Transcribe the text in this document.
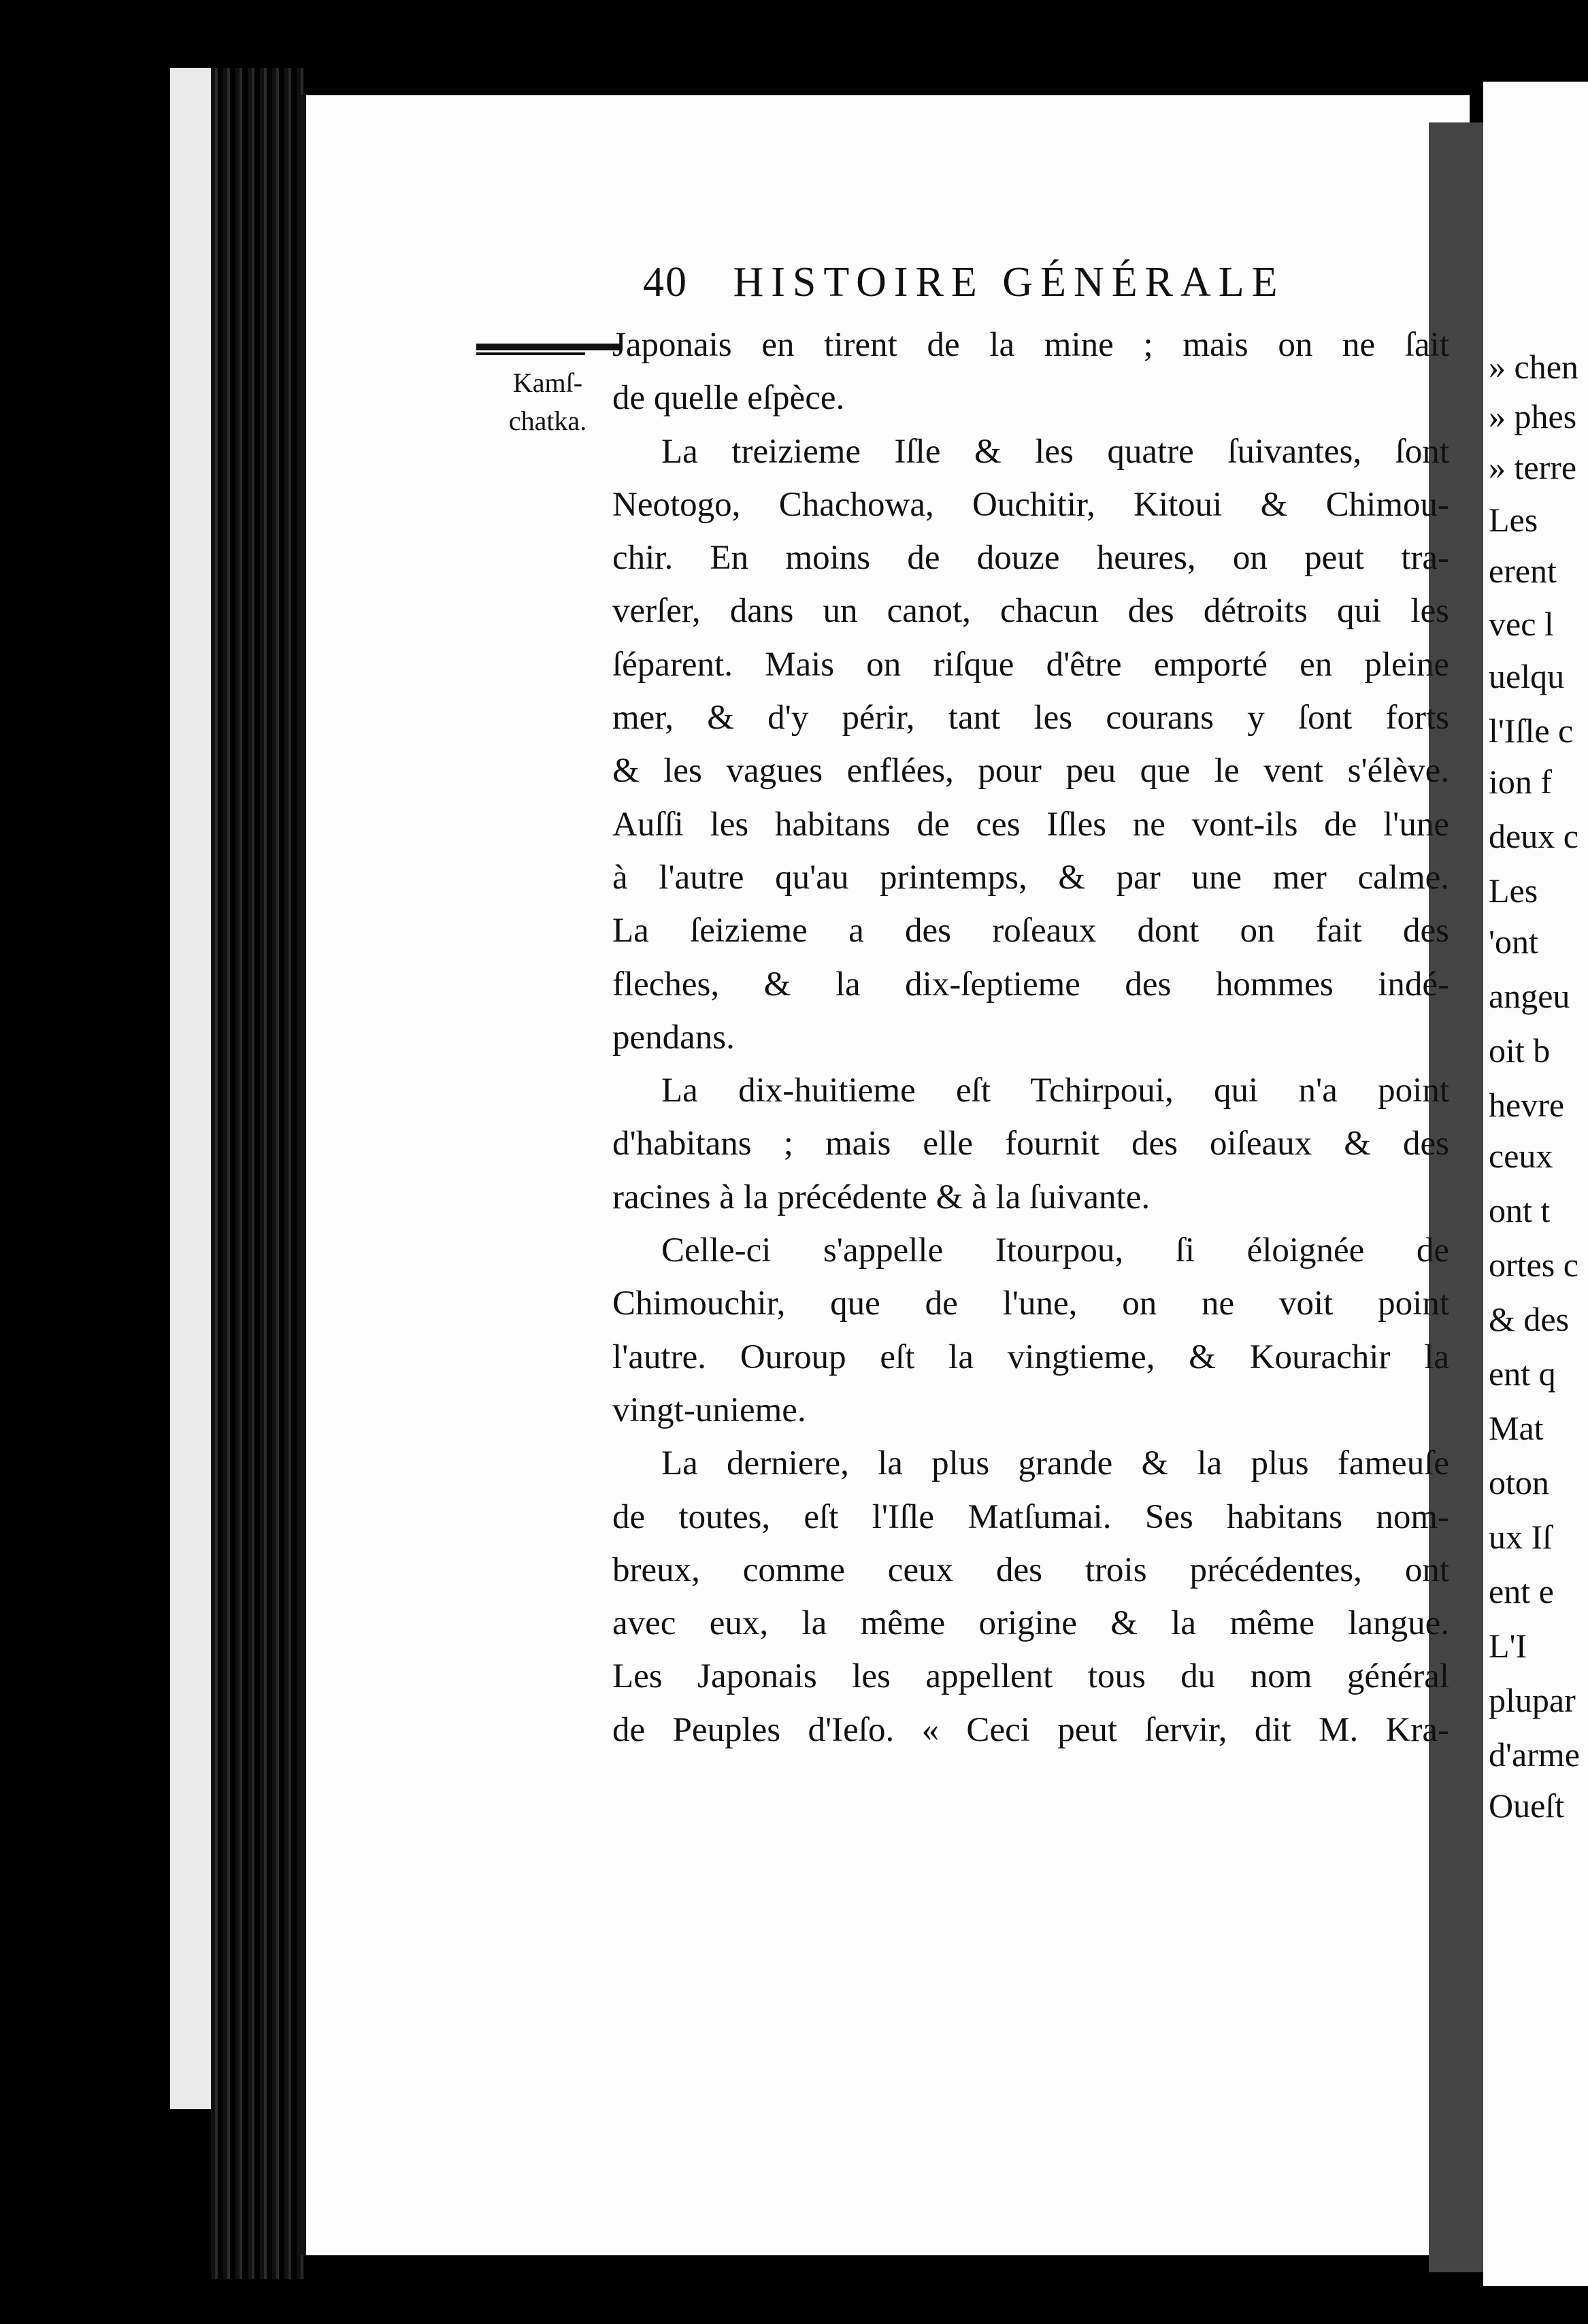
» chen
» phes
» terre
Les
erent
vec l
uelqu
l'Iſle c
ion f
deux c
Les
'ont
angeu
oit b
hevre
ceux
ont t
ortes c
& des
ent q
Mat
oton
ux Iſ
ent e
L'I
plupar
d'arme
Oueſt
40 HISTOIRE GÉNÉRALE
Kamſ-
chatka.
Japonais en tirent de la mine ; mais on ne ſait
de quelle eſpèce.
La treizieme Iſle & les quatre ſuivantes, ſont
Neotogo, Chachowa, Ouchitir, Kitoui & Chimou-
chir. En moins de douze heures, on peut tra-
verſer, dans un canot, chacun des détroits qui les
ſéparent. Mais on riſque d'être emporté en pleine
mer, & d'y périr, tant les courans y ſont forts
& les vagues enflées, pour peu que le vent s'élève.
Auſſi les habitans de ces Iſles ne vont-ils de l'une
à l'autre qu'au printemps, & par une mer calme.
La ſeizieme a des roſeaux dont on fait des
fleches, & la dix-ſeptieme des hommes indé-
pendans.
La dix-huitieme eſt Tchirpoui, qui n'a point
d'habitans ; mais elle fournit des oiſeaux & des
racines à la précédente & à la ſuivante.
Celle-ci s'appelle Itourpou, ſi éloignée de
Chimouchir, que de l'une, on ne voit point
l'autre. Ouroup eſt la vingtieme, & Kourachir la
vingt-unieme.
La derniere, la plus grande & la plus fameuſe
de toutes, eſt l'Iſle Matſumai. Ses habitans nom-
breux, comme ceux des trois précédentes, ont
avec eux, la même origine & la même langue.
Les Japonais les appellent tous du nom général
de Peuples d'Ieſo. « Ceci peut ſervir, dit M. Kra-
